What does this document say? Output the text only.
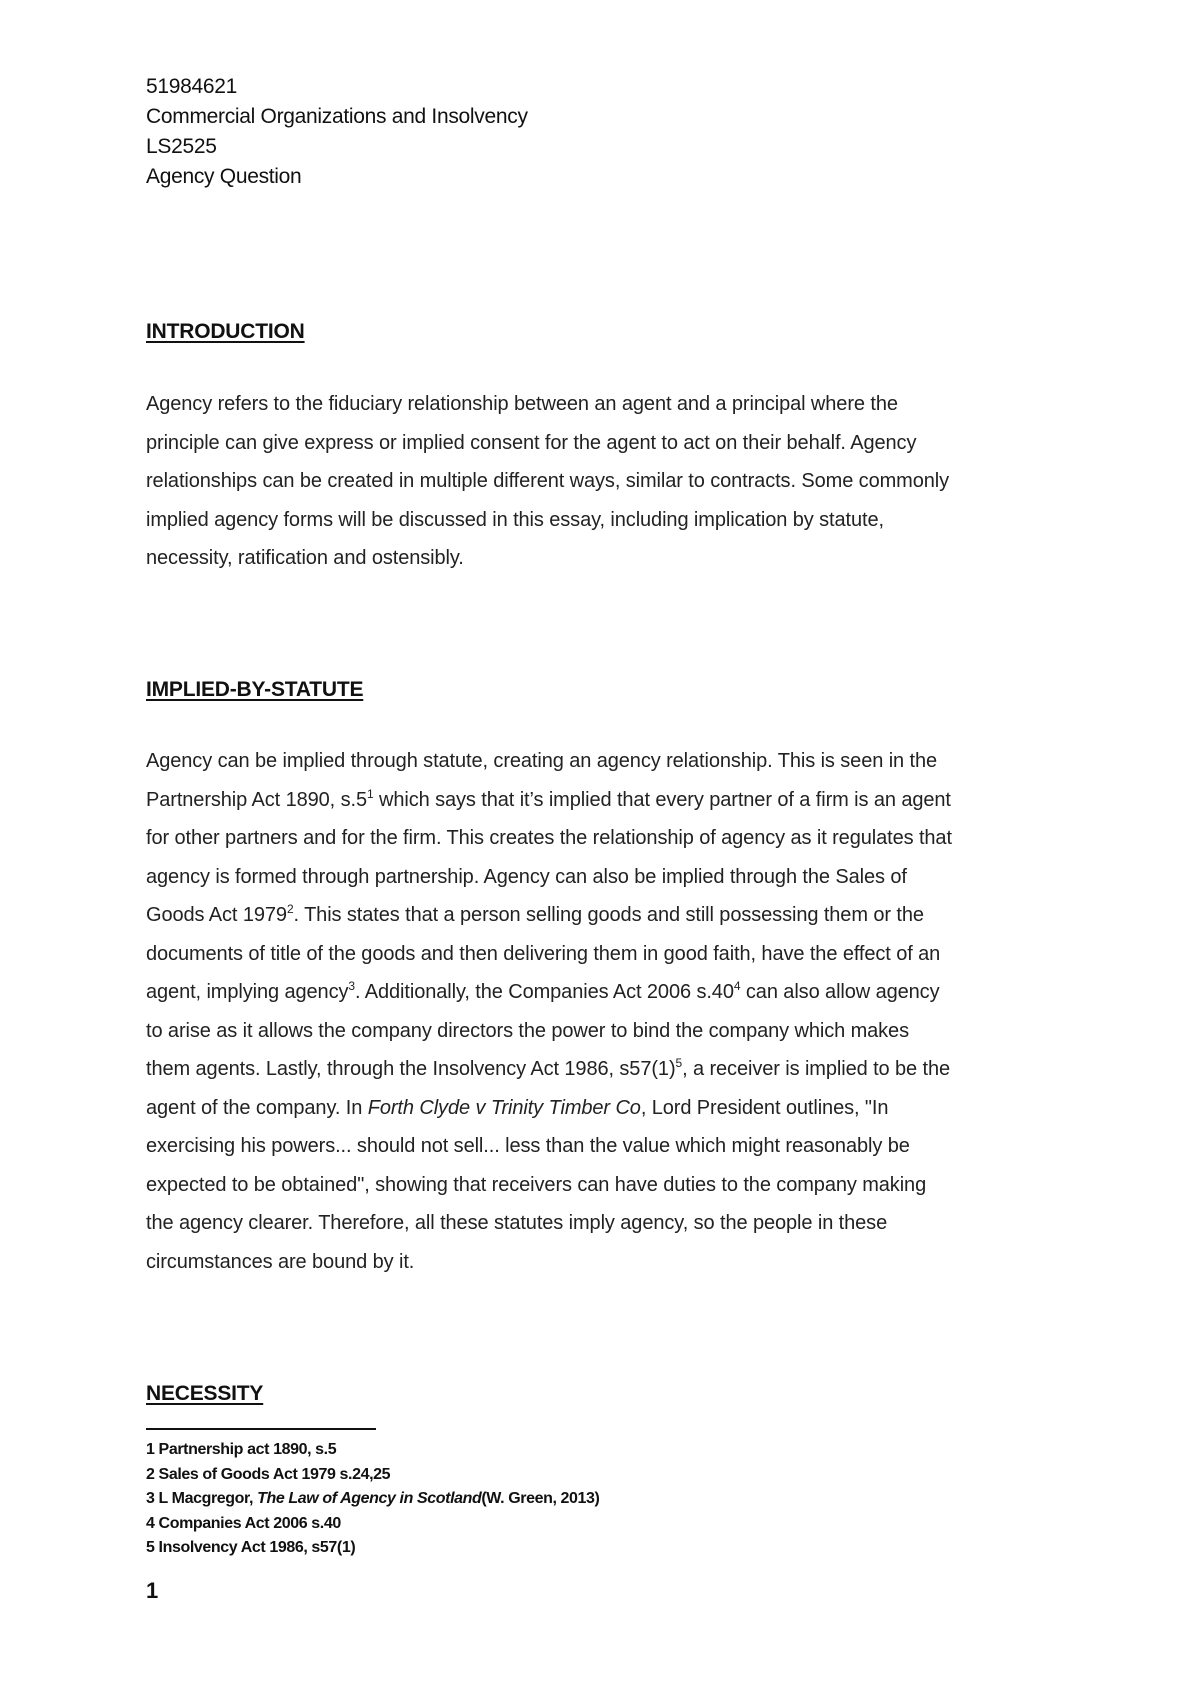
51984621
Commercial Organizations and Insolvency
LS2525
Agency Question
INTRODUCTION
Agency refers to the fiduciary relationship between an agent and a principal where the
principle can give express or implied consent for the agent to act on their behalf. Agency
relationships can be created in multiple different ways, similar to contracts. Some commonly
implied agency forms will be discussed in this essay, including implication by statute,
necessity, ratification and ostensibly.
IMPLIED-BY-STATUTE
Agency can be implied through statute, creating an agency relationship. This is seen in the
Partnership Act 1890, $s.5^1$ which says that it’s implied that every partner of a firm is an agent
for other partners and for the firm. This creates the relationship of agency as it regulates that
agency is formed through partnership. Agency can also be implied through the Sales of
Goods Act 1979$^2$. This states that a person selling goods and still possessing them or the
documents of title of the goods and then delivering them in good faith, have the effect of an
agent, implying agency$^3$. Additionally, the Companies Act 2006 $s.40^4$ can also allow agency
to arise as it allows the company directors the power to bind the company which makes
them agents. Lastly, through the Insolvency Act 1986, $s57(1)^5$, a receiver is implied to be the
agent of the company. In Forth Clyde v Trinity Timber Co, Lord President outlines, "In
exercising his powers... should not sell... less than the value which might reasonably be
expected to be obtained", showing that receivers can have duties to the company making
the agency clearer. Therefore, all these statutes imply agency, so the people in these
circumstances are bound by it.
NECESSITY
1 Partnership act 1890, s.5
2 Sales of Goods Act 1979 s.24,25
3 L Macgregor, The Law of Agency in Scotland(W. Green, 2013)
4 Companies Act 2006 s.40
5 Insolvency Act 1986, s57(1)
1
